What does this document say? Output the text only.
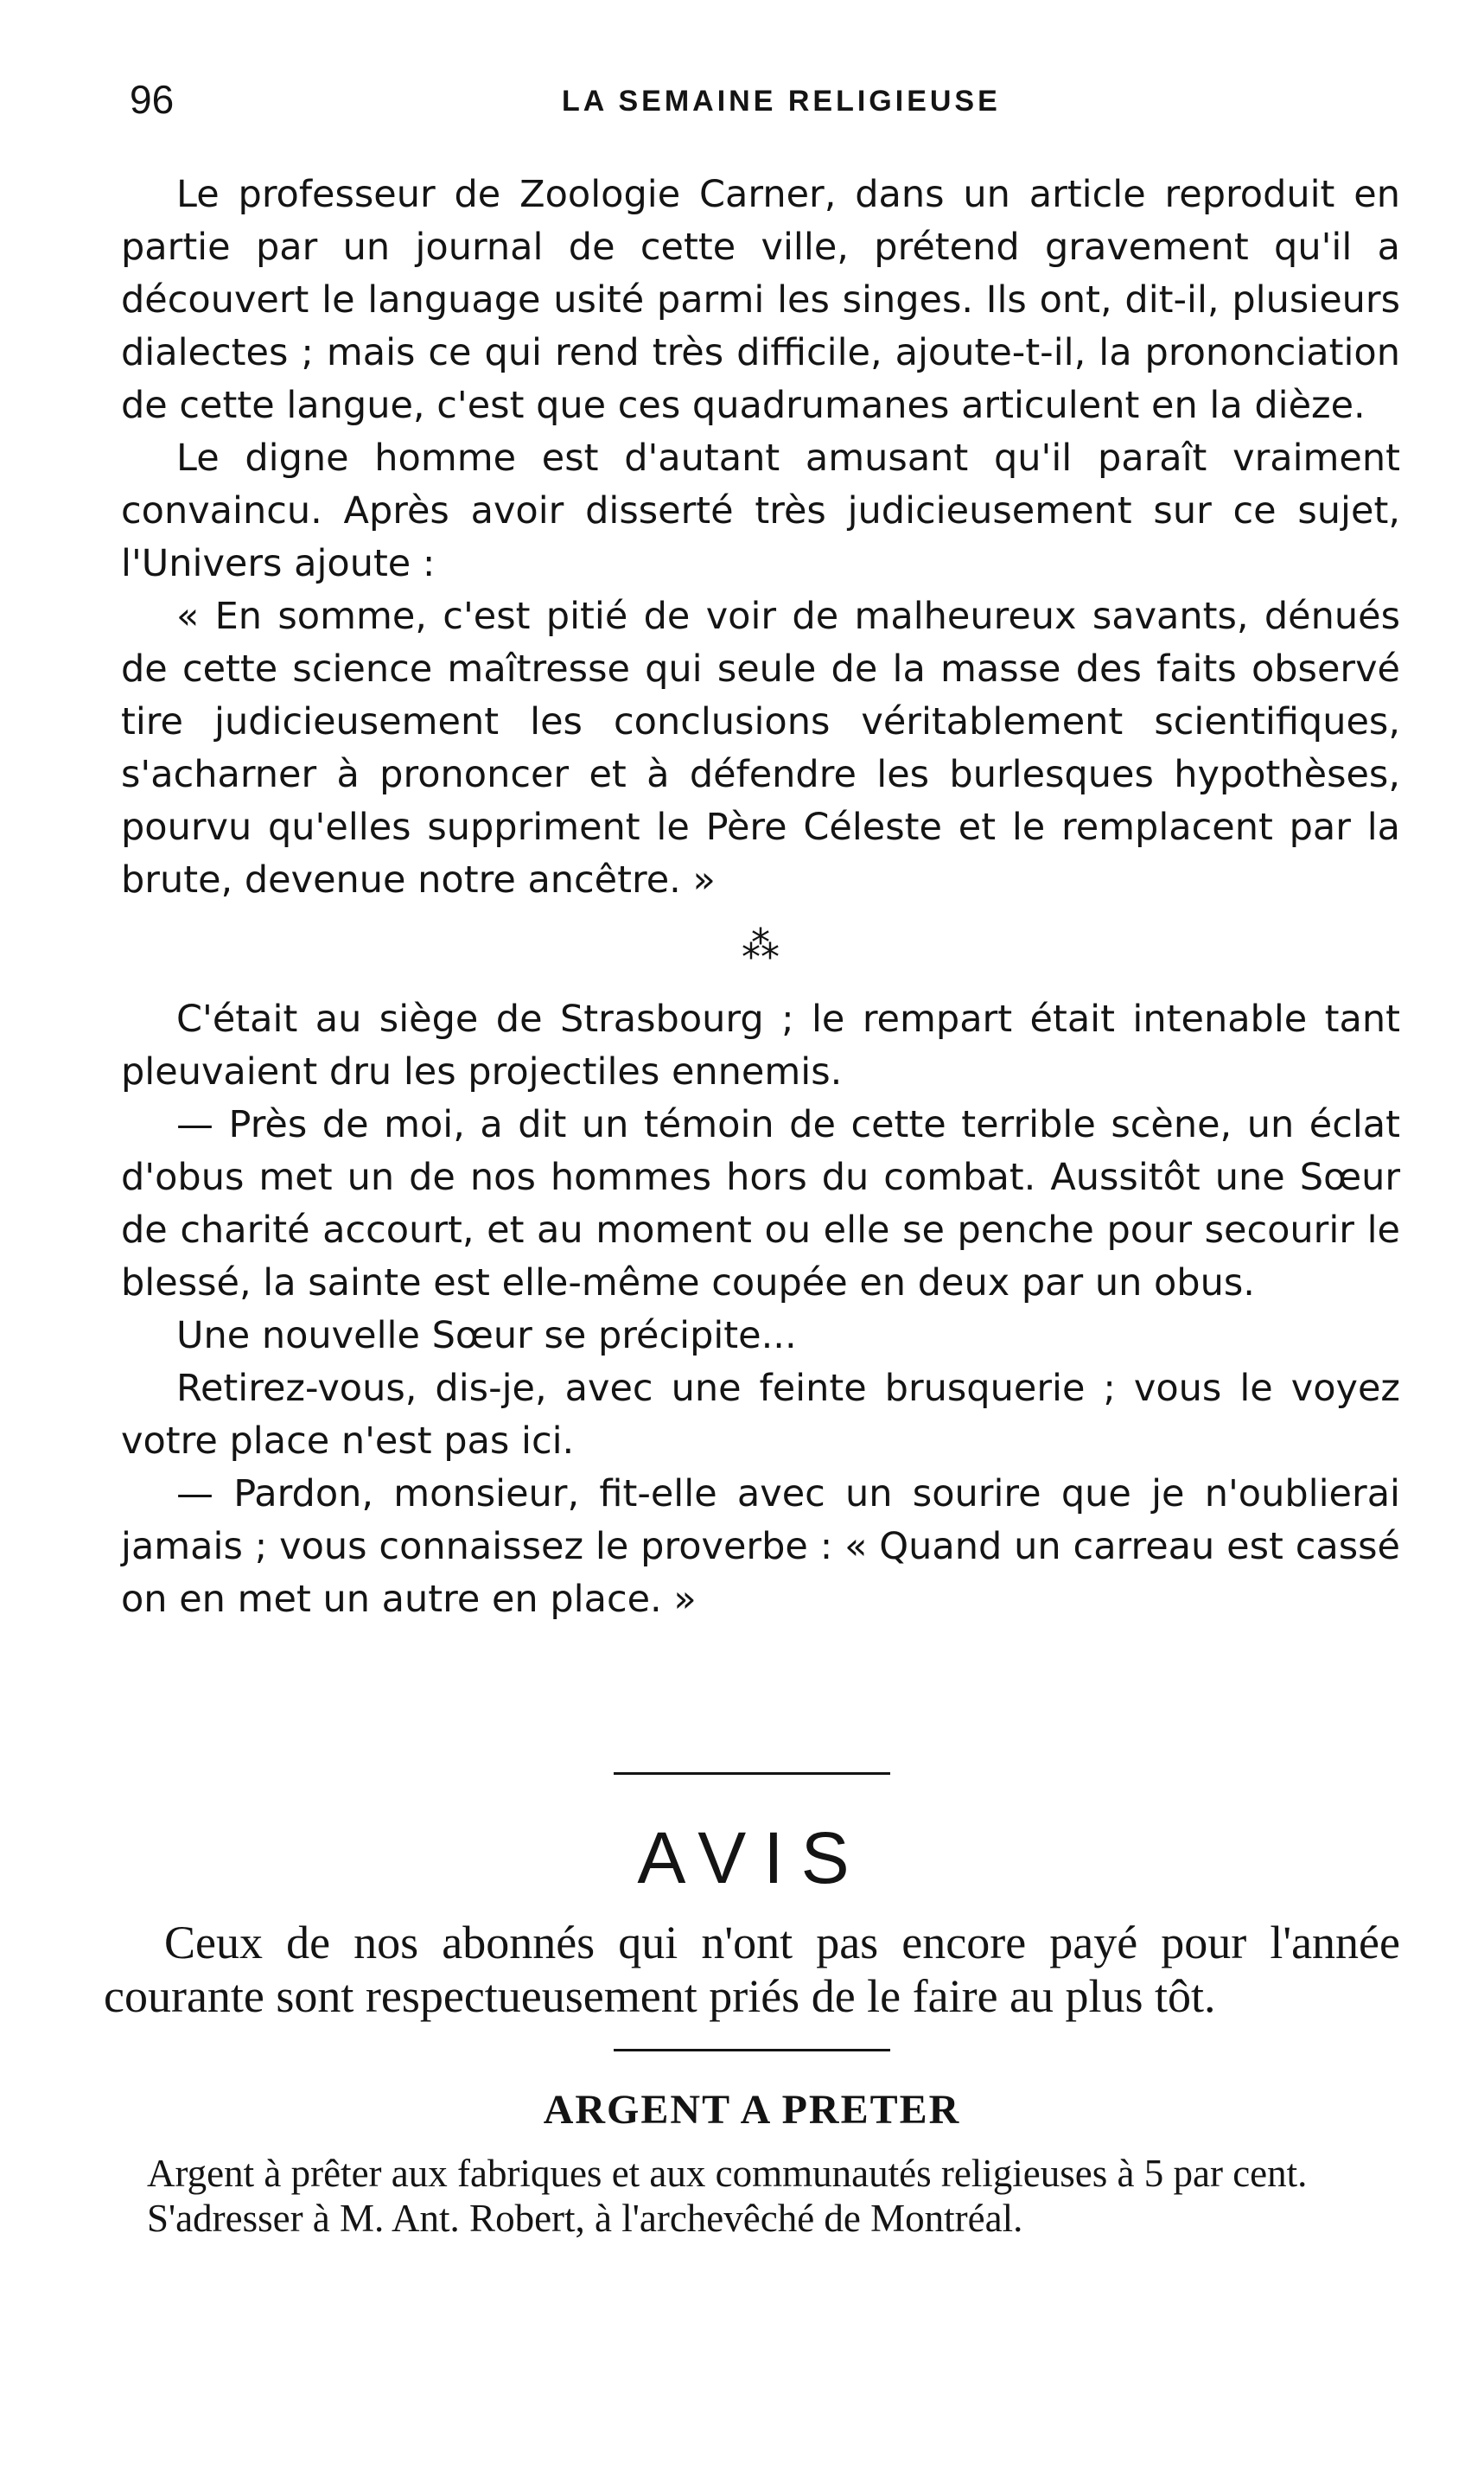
96	LA SEMAINE RELIGIEUSE

Le professeur de Zoologie Carner, dans un article reproduit en partie par un journal de cette ville, prétend gravement qu'il a découvert le language usité parmi les singes. Ils ont, dit-il, plusieurs dialectes ; mais ce qui rend très difficile, ajoute-t-il, la prononciation de cette langue, c'est que ces quadrumanes articulent en la dièze.

Le digne homme est d'autant amusant qu'il paraît vraiment convaincu. Après avoir disserté très judicieusement sur ce sujet, l'Univers ajoute :

« En somme, c'est pitié de voir de malheureux savants, dénués de cette science maîtresse qui seule de la masse des faits observé tire judicieusement les conclusions véritablement scientifiques, s'acharner à prononcer et à défendre les burlesques hypothèses, pourvu qu'elles suppriment le Père Céleste et le remplacent par la brute, devenue notre ancêtre. »

⁂

C'était au siège de Strasbourg ; le rempart était intenable tant pleuvaient dru les projectiles ennemis.

— Près de moi, a dit un témoin de cette terrible scène, un éclat d'obus met un de nos hommes hors du combat. Aussitôt une Sœur de charité accourt, et au moment ou elle se penche pour secourir le blessé, la sainte est elle-même coupée en deux par un obus.

Une nouvelle Sœur se précipite...

Retirez-vous, dis-je, avec une feinte brusquerie ; vous le voyez votre place n'est pas ici.

— Pardon, monsieur, fit-elle avec un sourire que je n'oublierai jamais ; vous connaissez le proverbe : « Quand un carreau est cassé on en met un autre en place. »

AVIS

Ceux de nos abonnés qui n'ont pas encore payé pour l'année courante sont respectueusement priés de le faire au plus tôt.

ARGENT A PRETER

Argent à prêter aux fabriques et aux communautés religieuses à 5 par cent.

S'adresser à M. Ant. Robert, à l'archevêché de Montréal.
